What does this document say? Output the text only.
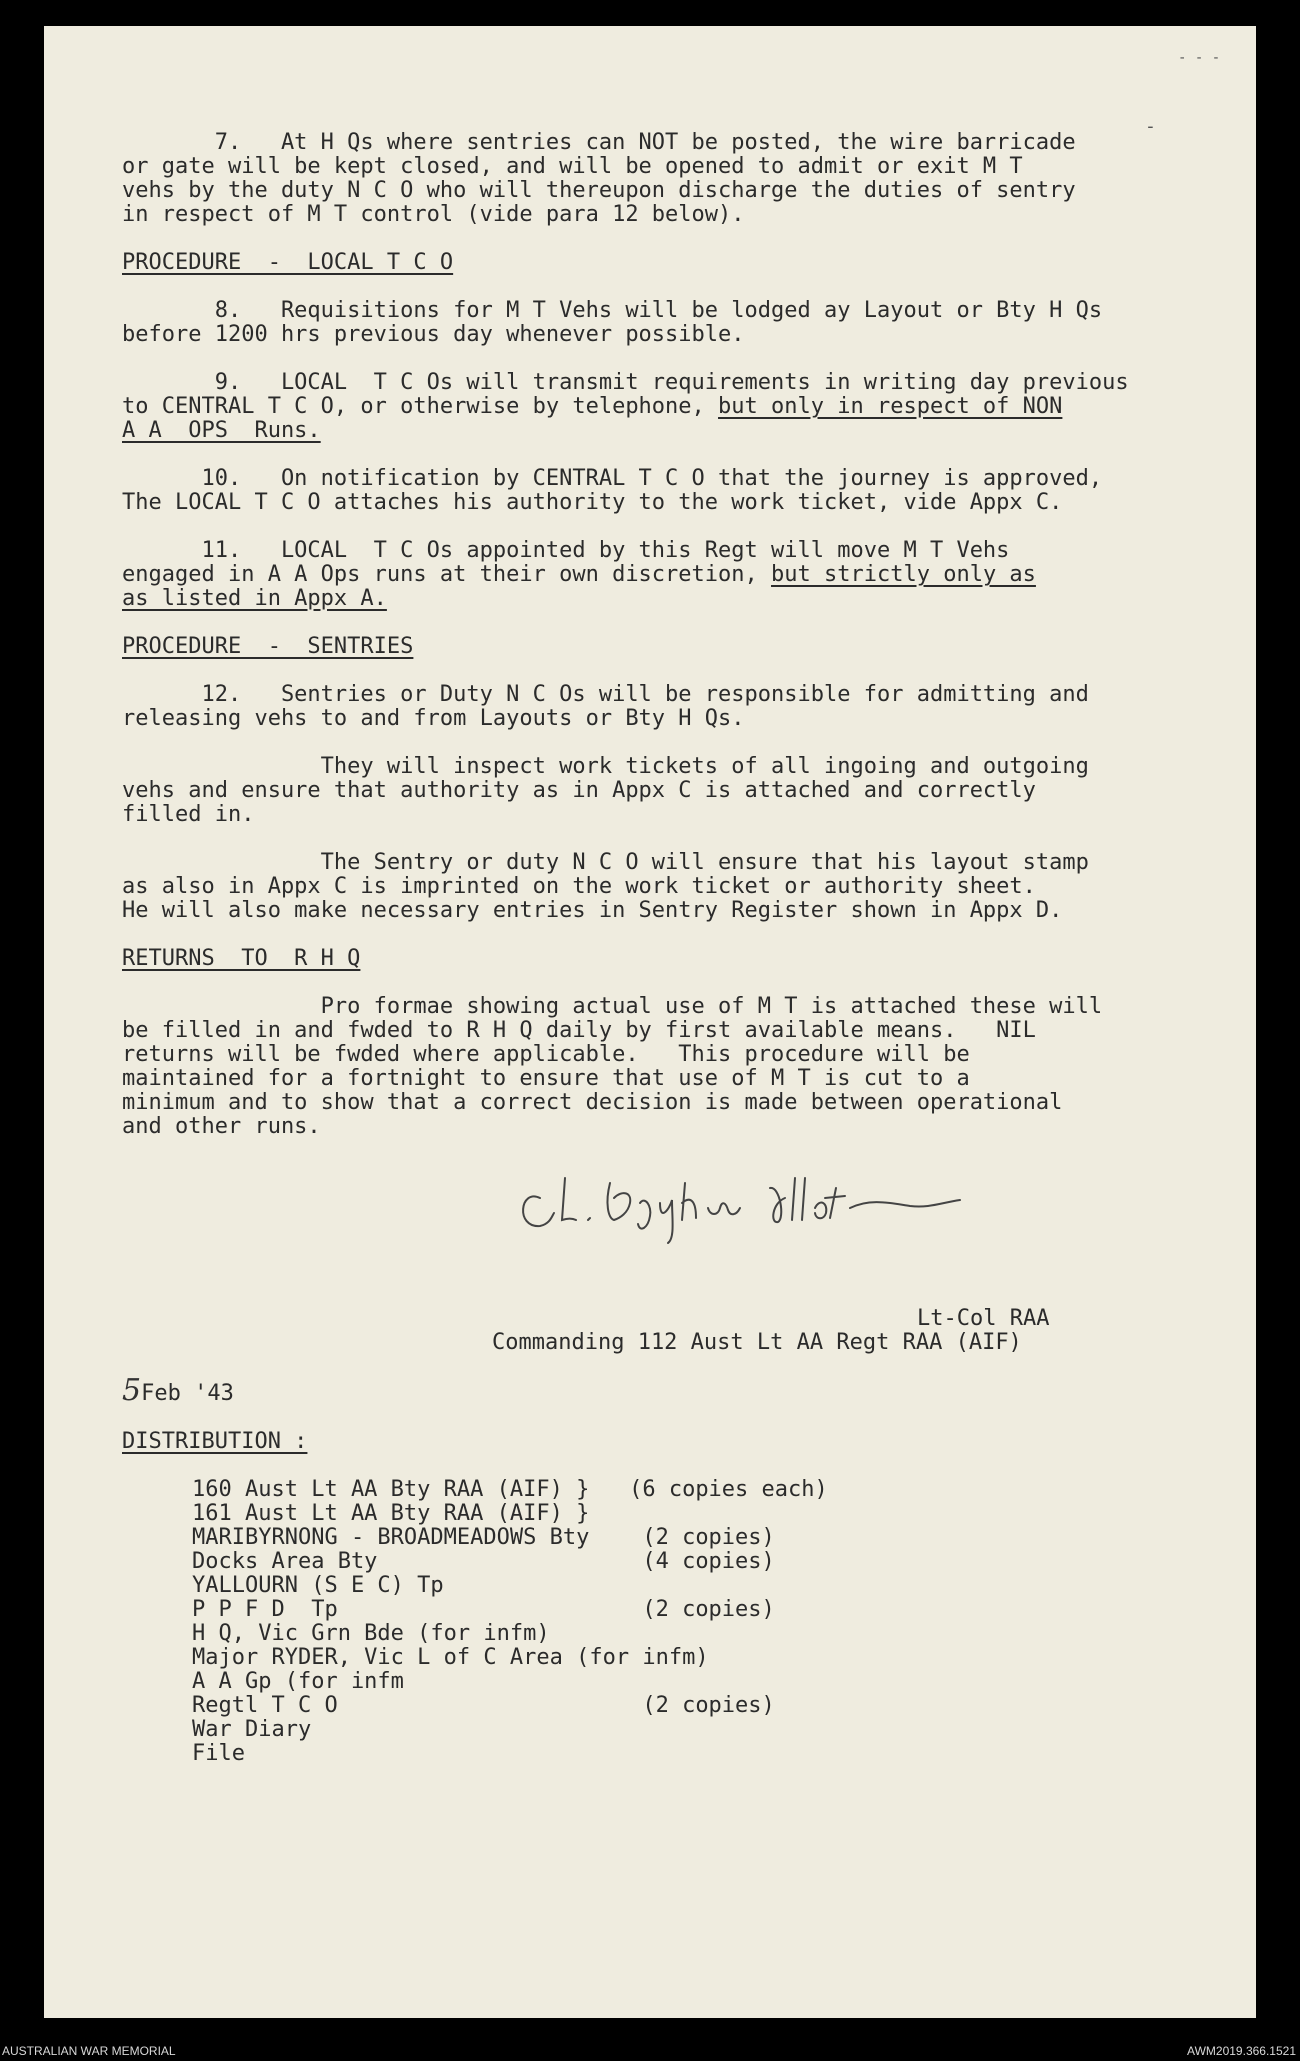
- - -
-
7.   At H Qs where sentries can NOT be posted, the wire barricade
or gate will be kept closed, and will be opened to admit or exit M T
vehs by the duty N C O who will thereupon discharge the duties of sentry
in respect of M T control (vide para 12 below).
PROCEDURE  -  LOCAL T C O
8.   Requisitions for M T Vehs will be lodged ay Layout or Bty H Qs
before 1200 hrs previous day whenever possible.
9.   LOCAL  T C Os will transmit requirements in writing day previous
to CENTRAL T C O, or otherwise by telephone, but only in respect of NON
A A  OPS  Runs.
10.   On notification by CENTRAL T C O that the journey is approved,
The LOCAL T C O attaches his authority to the work ticket, vide Appx C.
11.   LOCAL  T C Os appointed by this Regt will move M T Vehs
engaged in A A Ops runs at their own discretion, but strictly only as
as listed in Appx A.
PROCEDURE  -  SENTRIES
12.   Sentries or Duty N C Os will be responsible for admitting and
releasing vehs to and from Layouts or Bty H Qs.
They will inspect work tickets of all ingoing and outgoing
vehs and ensure that authority as in Appx C is attached and correctly
filled in.
The Sentry or duty N C O will ensure that his layout stamp
as also in Appx C is imprinted on the work ticket or authority sheet.
He will also make necessary entries in Sentry Register shown in Appx D.
RETURNS  TO  R H Q
Pro formae showing actual use of M T is attached these will
be filled in and fwded to R H Q daily by first available means.   NIL
returns will be fwded where applicable.   This procedure will be
maintained for a fortnight to ensure that use of M T is cut to a
minimum and to show that a correct decision is made between operational
and other runs.
Lt-Col RAA
Commanding 112 Aust Lt AA Regt RAA (AIF)
5Feb '43
DISTRIBUTION :
160 Aust Lt AA Bty RAA (AIF) }   (6 copies each)
161 Aust Lt AA Bty RAA (AIF) }
MARIBYRNONG - BROADMEADOWS Bty    (2 copies)
Docks Area Bty                    (4 copies)
YALLOURN (S E C) Tp
P P F D  Tp                       (2 copies)
H Q, Vic Grn Bde (for infm)
Major RYDER, Vic L of C Area (for infm)
A A Gp (for infm
Regtl T C O                       (2 copies)
War Diary
File
AUSTRALIAN WAR MEMORIAL	AWM2019.366.1521
